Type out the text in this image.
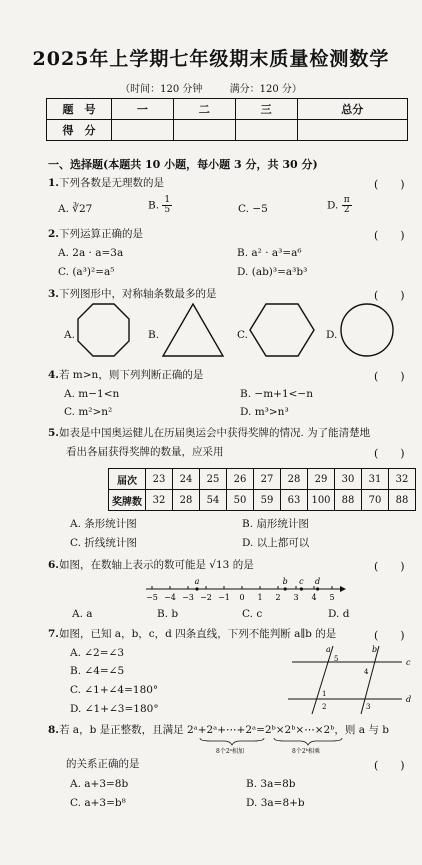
2025年上学期七年级期末质量检测数学
（时间：120 分钟	满分：120 分）
题　号	一	二	三	总分
得　分				
一、选择题(本题共 10 小题，每小题 3 分，共 30 分)
1.下列各数是无理数的是	(　　)
A. ∛27	B. $\frac{1}{5}$	C. −5	D. $\frac{\pi}{2}$
2.下列运算正确的是	(　　)
A. 2a · a=3a	B. a² · a³=a⁶
C. (a³)²=a⁵	D. (ab)³=a³b³
3.下列图形中，对称轴条数最多的是	(　　)
A.	B.	C.	D.
4.若 m>n，则下列判断正确的是	(　　)
A. m−1<n	B. −m+1<−n
C. m²>n²	D. m³>n³
5.如表是中国奥运健儿在历届奥运会中获得奖牌的情况. 为了能清楚地
看出各届获得奖牌的数量，应采用	(　　)
届次	23	24	25	26	27	28	29	30	31	32
奖牌数	32	28	54	50	59	63	100	88	70	88
A. 条形统计图	B. 扇形统计图
C. 折线统计图	D. 以上都可以
6.如图，在数轴上表示的数可能是 √13 的是	(　　)
−5 −4 −3 −2 −1 0 1 2 3 4 5
a	b c d
A. a	B. b	C. c	D. d
7.如图，已知 a，b，c，d 四条直线，下列不能判断 a∥b 的是	(　　)
A. ∠2=∠3
B. ∠4=∠5
C. ∠1+∠4=180°
D. ∠1+∠3=180°
a	b
c
d
5
4
1
2	3
8.若 a，b 是正整数，且满足 2ᵃ+2ᵃ+⋯+2ᵃ=2ᵇ×2ᵇ×⋯×2ᵇ，则 a 与 b
8个2ᵃ相加	8个2ᵇ相乘
的关系正确的是	(　　)
A. a+3=8b	B. 3a=8b
C. a+3=b⁸	D. 3a=8+b
